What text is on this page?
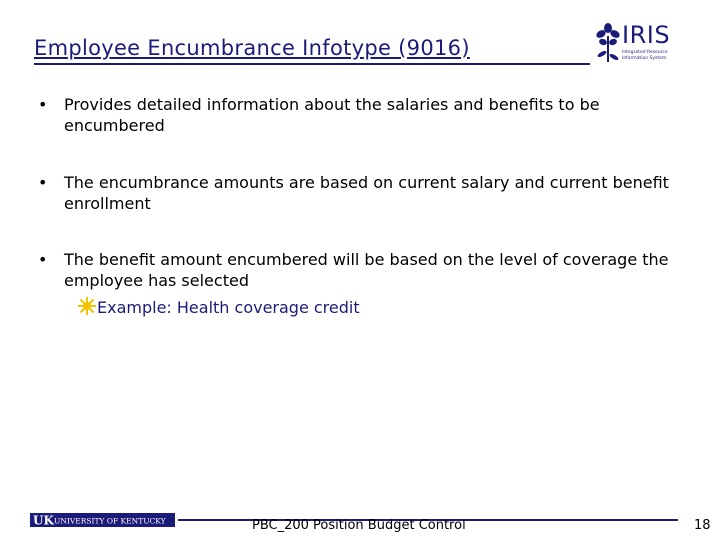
Employee Encumbrance Infotype (9016)	IRIS
Integrated Resource Information System
• Provides detailed information about the salaries and benefits to be encumbered
• The encumbrance amounts are based on current salary and current benefit enrollment
• The benefit amount encumbered will be based on the level of coverage the employee has selected
Example: Health coverage credit
UK UNIVERSITY OF KENTUCKY	PBC_200 Position Budget Control	18
